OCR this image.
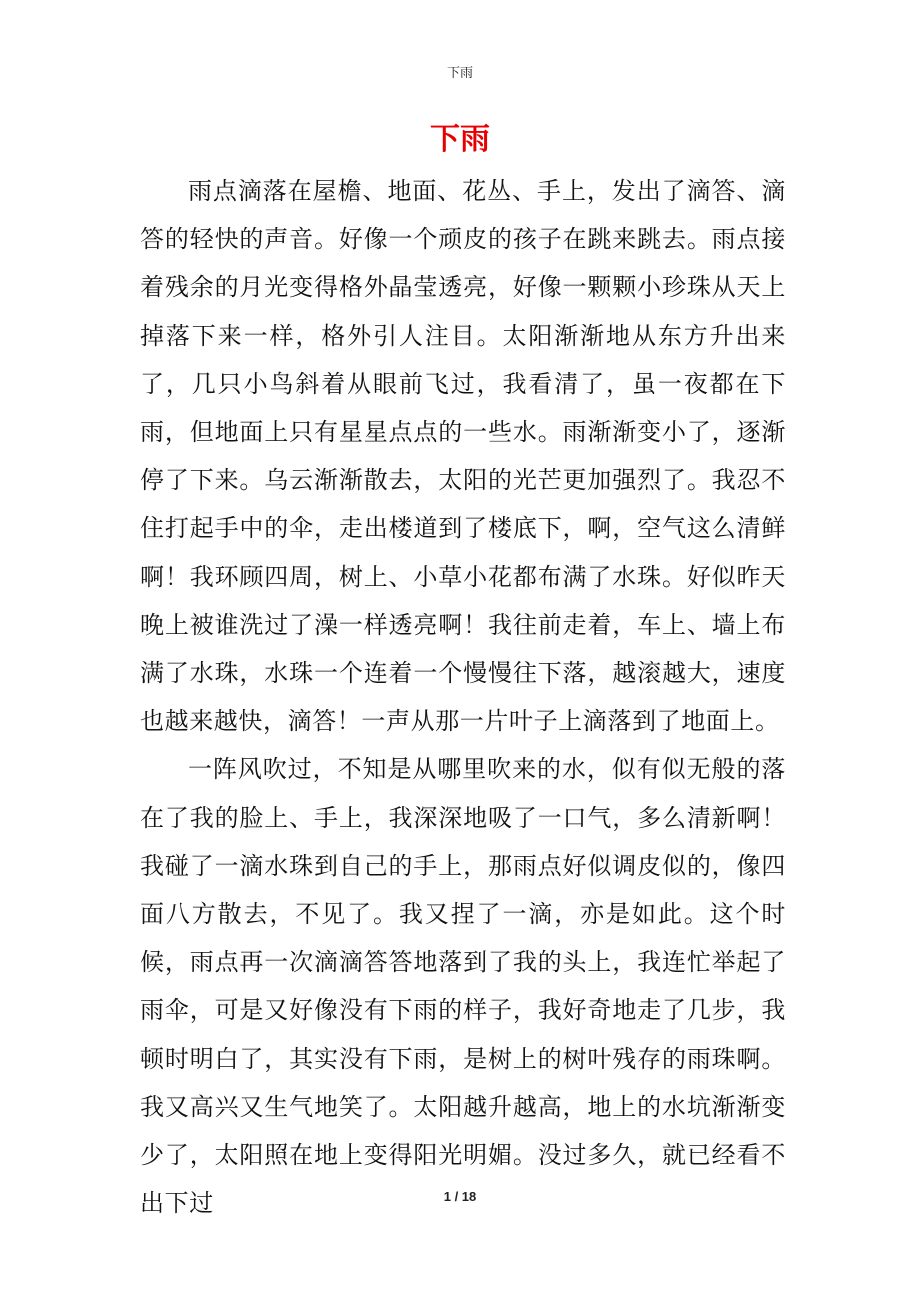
下雨
下雨

雨点滴落在屋檐、地面、花丛、手上，发出了滴答、滴答的轻快的声音。好像一个顽皮的孩子在跳来跳去。雨点接着残余的月光变得格外晶莹透亮，好像一颗颗小珍珠从天上掉落下来一样，格外引人注目。太阳渐渐地从东方升出来了，几只小鸟斜着从眼前飞过，我看清了，虽一夜都在下雨，但地面上只有星星点点的一些水。雨渐渐变小了，逐渐停了下来。乌云渐渐散去，太阳的光芒更加强烈了。我忍不住打起手中的伞，走出楼道到了楼底下，啊，空气这么清鲜啊！我环顾四周，树上、小草小花都布满了水珠。好似昨天晚上被谁洗过了澡一样透亮啊！我往前走着，车上、墙上布满了水珠，水珠一个连着一个慢慢往下落，越滚越大，速度也越来越快，滴答！一声从那一片叶子上滴落到了地面上。

一阵风吹过，不知是从哪里吹来的水，似有似无般的落在了我的脸上、手上，我深深地吸了一口气，多么清新啊！我碰了一滴水珠到自己的手上，那雨点好似调皮似的，像四面八方散去，不见了。我又捏了一滴，亦是如此。这个时候，雨点再一次滴滴答答地落到了我的头上，我连忙举起了雨伞，可是又好像没有下雨的样子，我好奇地走了几步，我顿时明白了，其实没有下雨，是树上的树叶残存的雨珠啊。我又高兴又生气地笑了。太阳越升越高，地上的水坑渐渐变少了，太阳照在地上变得阳光明媚。没过多久，就已经看不出下过	1 / 18
